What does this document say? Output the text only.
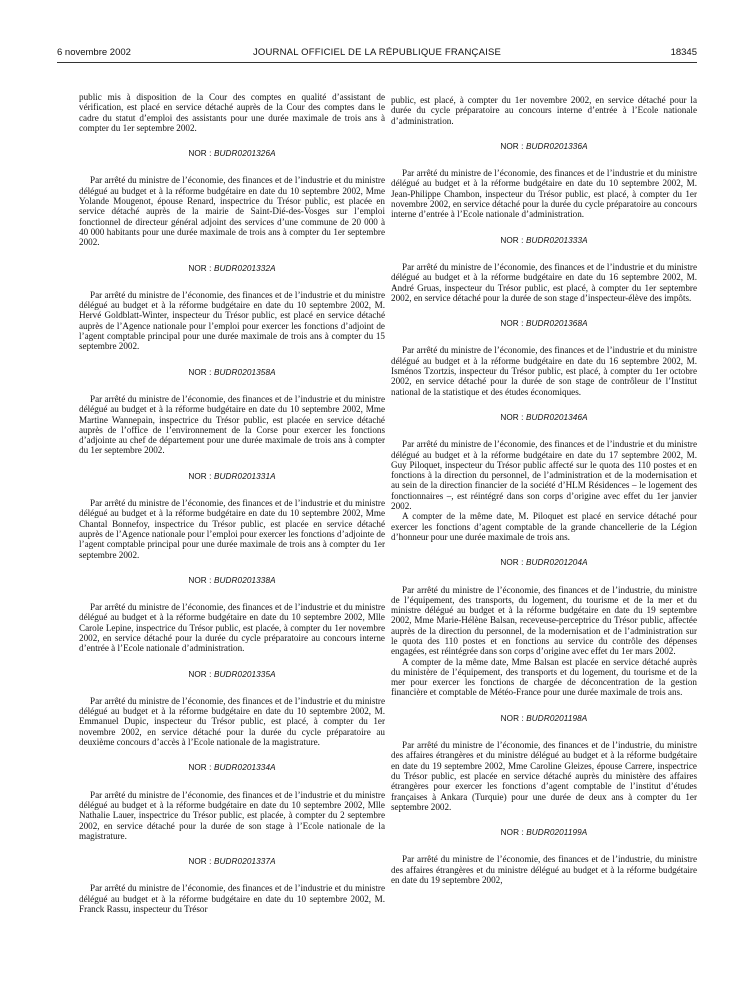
6 novembre 2002	JOURNAL OFFICIEL DE LA RÉPUBLIQUE FRANÇAISE	18345

public mis à disposition de la Cour des comptes en qualité d’assistant de vérification, est placé en service détaché auprès de la Cour des comptes dans le cadre du statut d’emploi des assistants pour une durée maximale de trois ans à compter du 1er septembre 2002.

NOR : BUDR0201326A

Par arrêté du ministre de l’économie, des finances et de l’industrie et du ministre délégué au budget et à la réforme budgétaire en date du 10 septembre 2002, Mme Yolande Mougenot, épouse Renard, inspectrice du Trésor public, est placée en service détaché auprès de la mairie de Saint-Dié-des-Vosges sur l’emploi fonctionnel de directeur général adjoint des services d’une commune de 20 000 à 40 000 habitants pour une durée maximale de trois ans à compter du 1er septembre 2002.

NOR : BUDR0201332A

Par arrêté du ministre de l’économie, des finances et de l’industrie et du ministre délégué au budget et à la réforme budgétaire en date du 10 septembre 2002, M. Hervé Goldblatt-Winter, inspecteur du Trésor public, est placé en service détaché auprès de l’Agence nationale pour l’emploi pour exercer les fonctions d’adjoint de l’agent comptable principal pour une durée maximale de trois ans à compter du 15 septembre 2002.

NOR : BUDR0201358A

Par arrêté du ministre de l’économie, des finances et de l’industrie et du ministre délégué au budget et à la réforme budgétaire en date du 10 septembre 2002, Mme Martine Wannepain, inspectrice du Trésor public, est placée en service détaché auprès de l’office de l’environnement de la Corse pour exercer les fonctions d’adjointe au chef de département pour une durée maximale de trois ans à compter du 1er septembre 2002.

NOR : BUDR0201331A

Par arrêté du ministre de l’économie, des finances et de l’industrie et du ministre délégué au budget et à la réforme budgétaire en date du 10 septembre 2002, Mme Chantal Bonnefoy, inspectrice du Trésor public, est placée en service détaché auprès de l’Agence nationale pour l’emploi pour exercer les fonctions d’adjointe de l’agent comptable principal pour une durée maximale de trois ans à compter du 1er septembre 2002.

NOR : BUDR0201338A

Par arrêté du ministre de l’économie, des finances et de l’industrie et du ministre délégué au budget et à la réforme budgétaire en date du 10 septembre 2002, Mlle Carole Lepine, inspectrice du Trésor public, est placée, à compter du 1er novembre 2002, en service détaché pour la durée du cycle préparatoire au concours interne d’entrée à l’Ecole nationale d’administration.

NOR : BUDR0201335A

Par arrêté du ministre de l’économie, des finances et de l’industrie et du ministre délégué au budget et à la réforme budgétaire en date du 10 septembre 2002, M. Emmanuel Dupic, inspecteur du Trésor public, est placé, à compter du 1er novembre 2002, en service détaché pour la durée du cycle préparatoire au deuxième concours d’accès à l’Ecole nationale de la magistrature.

NOR : BUDR0201334A

Par arrêté du ministre de l’économie, des finances et de l’industrie et du ministre délégué au budget et à la réforme budgétaire en date du 10 septembre 2002, Mlle Nathalie Lauer, inspectrice du Trésor public, est placée, à compter du 2 septembre 2002, en service détaché pour la durée de son stage à l’Ecole nationale de la magistrature.

NOR : BUDR0201337A

Par arrêté du ministre de l’économie, des finances et de l’industrie et du ministre délégué au budget et à la réforme budgétaire en date du 10 septembre 2002, M. Franck Rassu, inspecteur du Trésor

public, est placé, à compter du 1er novembre 2002, en service détaché pour la durée du cycle préparatoire au concours interne d’entrée à l’Ecole nationale d’administration.

NOR : BUDR0201336A

Par arrêté du ministre de l’économie, des finances et de l’industrie et du ministre délégué au budget et à la réforme budgétaire en date du 10 septembre 2002, M. Jean-Philippe Chambon, inspecteur du Trésor public, est placé, à compter du 1er novembre 2002, en service détaché pour la durée du cycle préparatoire au concours interne d’entrée à l’Ecole nationale d’administration.

NOR : BUDR0201333A

Par arrêté du ministre de l’économie, des finances et de l’industrie et du ministre délégué au budget et à la réforme budgétaire en date du 16 septembre 2002, M. André Gruas, inspecteur du Trésor public, est placé, à compter du 1er septembre 2002, en service détaché pour la durée de son stage d’inspecteur-élève des impôts.

NOR : BUDR0201368A

Par arrêté du ministre de l’économie, des finances et de l’industrie et du ministre délégué au budget et à la réforme budgétaire en date du 16 septembre 2002, M. Isménos Tzortzis, inspecteur du Trésor public, est placé, à compter du 1er octobre 2002, en service détaché pour la durée de son stage de contrôleur de l’Institut national de la statistique et des études économiques.

NOR : BUDR0201346A

Par arrêté du ministre de l’économie, des finances et de l’industrie et du ministre délégué au budget et à la réforme budgétaire en date du 17 septembre 2002, M. Guy Piloquet, inspecteur du Trésor public affecté sur le quota des 110 postes et en fonctions à la direction du personnel, de l’administration et de la modernisation et au sein de la direction financier de la société d’HLM Résidences – le logement des fonctionnaires –, est réintégré dans son corps d’origine avec effet du 1er janvier 2002.

A compter de la même date, M. Piloquet est placé en service détaché pour exercer les fonctions d’agent comptable de la grande chancellerie de la Légion d’honneur pour une durée maximale de trois ans.

NOR : BUDR0201204A

Par arrêté du ministre de l’économie, des finances et de l’industrie, du ministre de l’équipement, des transports, du logement, du tourisme et de la mer et du ministre délégué au budget et à la réforme budgétaire en date du 19 septembre 2002, Mme Marie-Hélène Balsan, receveuse-perceptrice du Trésor public, affectée auprès de la direction du personnel, de la modernisation et de l’administration sur le quota des 110 postes et en fonctions au service du contrôle des dépenses engagées, est réintégrée dans son corps d’origine avec effet du 1er mars 2002.

A compter de la même date, Mme Balsan est placée en service détaché auprès du ministère de l’équipement, des transports et du logement, du tourisme et de la mer pour exercer les fonctions de chargée de déconcentration de la gestion financière et comptable de Météo-France pour une durée maximale de trois ans.

NOR : BUDR0201198A

Par arrêté du ministre de l’économie, des finances et de l’industrie, du ministre des affaires étrangères et du ministre délégué au budget et à la réforme budgétaire en date du 19 septembre 2002, Mme Caroline Gleizes, épouse Carrere, inspectrice du Trésor public, est placée en service détaché auprès du ministère des affaires étrangères pour exercer les fonctions d’agent comptable de l’institut d’études françaises à Ankara (Turquie) pour une durée de deux ans à compter du 1er septembre 2002.

NOR : BUDR0201199A

Par arrêté du ministre de l’économie, des finances et de l’industrie, du ministre des affaires étrangères et du ministre délégué au budget et à la réforme budgétaire en date du 19 septembre 2002,
